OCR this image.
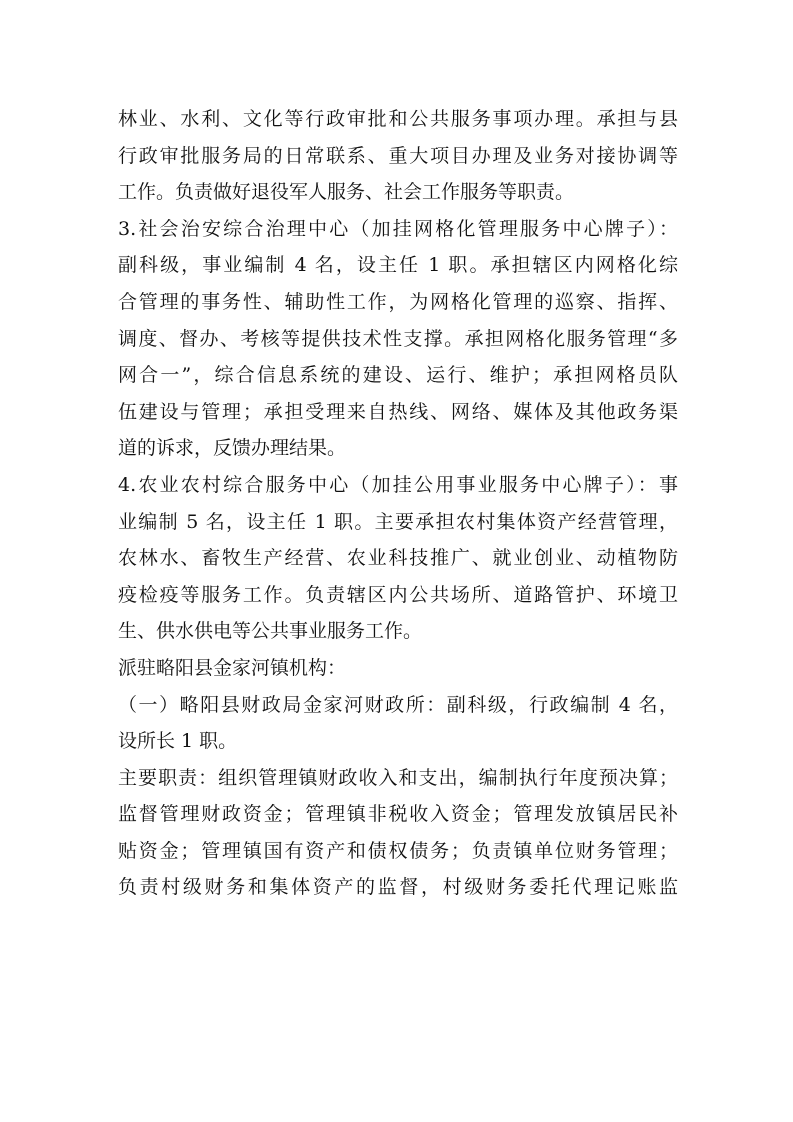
林业、水利、文化等行政审批和公共服务事项办理。承担与县
行政审批服务局的日常联系、重大项目办理及业务对接协调等
工作。负责做好退役军人服务、社会工作服务等职责。
3.社会治安综合治理中心（加挂网格化管理服务中心牌子）：
副科级，事业编制 4 名，设主任 1 职。承担辖区内网格化综
合管理的事务性、辅助性工作，为网格化管理的巡察、指挥、
调度、督办、考核等提供技术性支撑。承担网格化服务管理“多
网合一”，综合信息系统的建设、运行、维护；承担网格员队
伍建设与管理；承担受理来自热线、网络、媒体及其他政务渠
道的诉求，反馈办理结果。
4.农业农村综合服务中心（加挂公用事业服务中心牌子）：事
业编制 5 名，设主任 1 职。主要承担农村集体资产经营管理，
农林水、畜牧生产经营、农业科技推广、就业创业、动植物防
疫检疫等服务工作。负责辖区内公共场所、道路管护、环境卫
生、供水供电等公共事业服务工作。
派驻略阳县金家河镇机构：
（一）略阳县财政局金家河财政所：副科级，行政编制 4 名，
设所长 1 职。
主要职责：组织管理镇财政收入和支出，编制执行年度预决算；
监督管理财政资金；管理镇非税收入资金；管理发放镇居民补
贴资金；管理镇国有资产和债权债务；负责镇单位财务管理；
负责村级财务和集体资产的监督，村级财务委托代理记账监
